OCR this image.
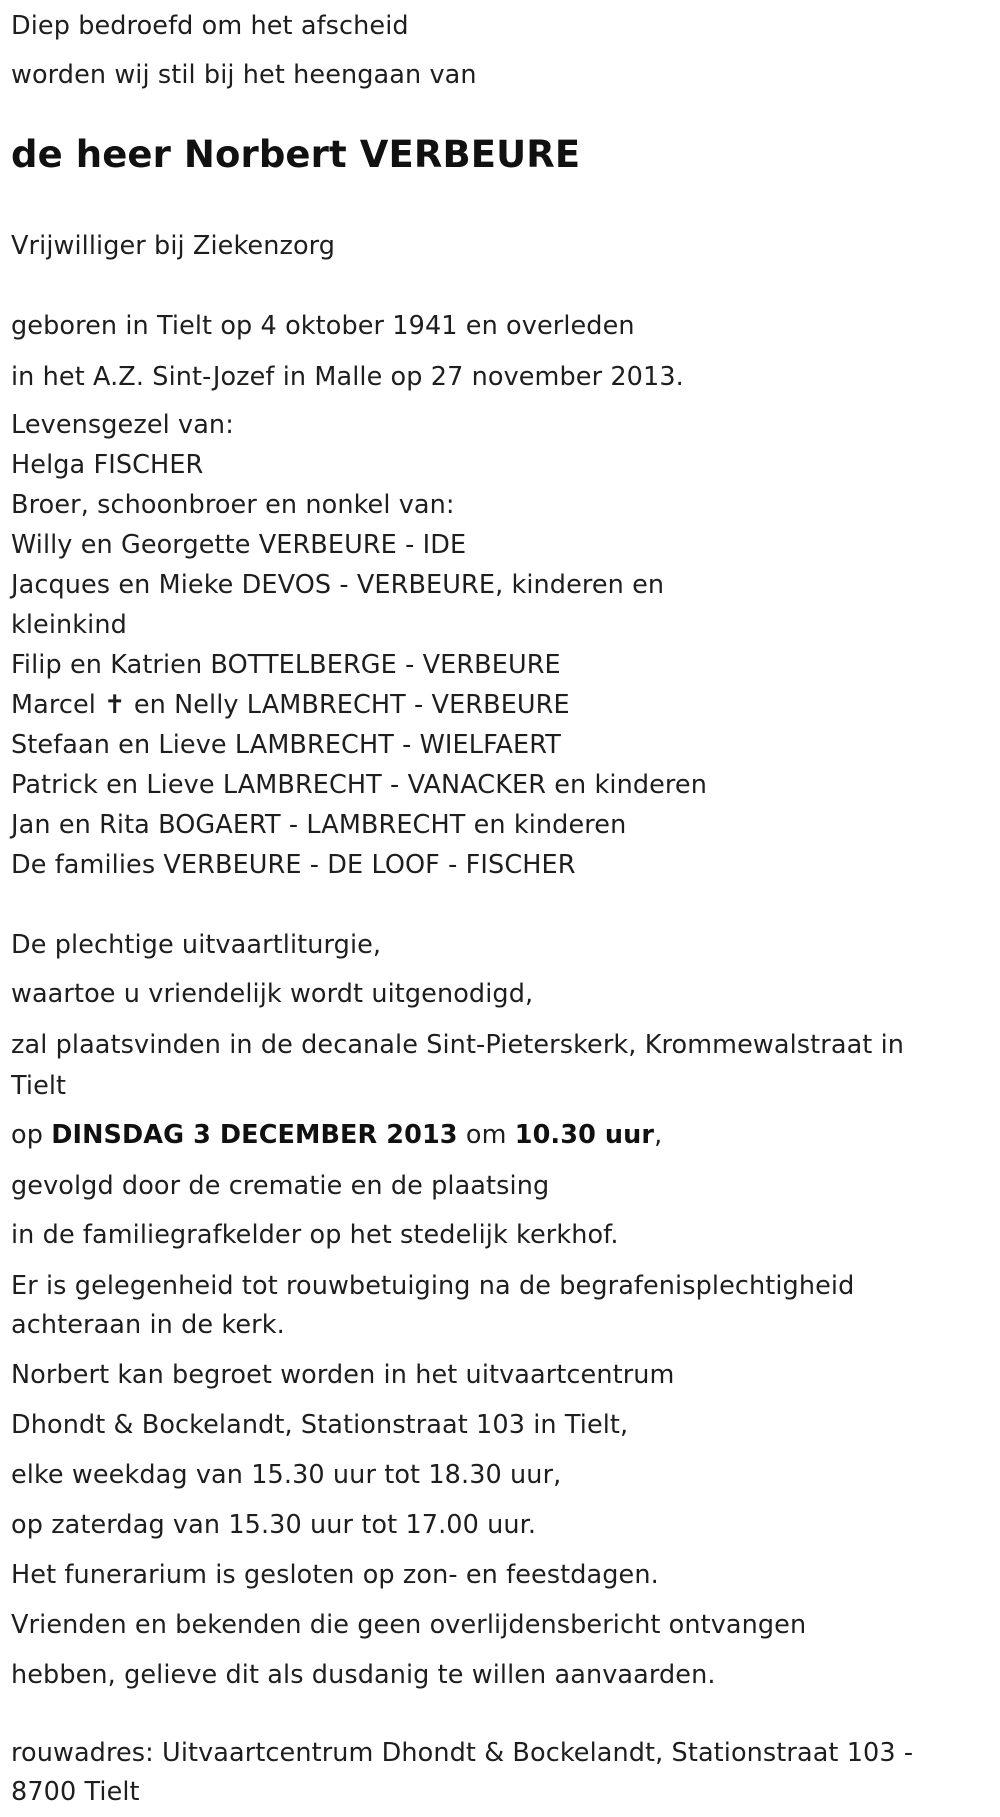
Diep bedroefd om het afscheid
worden wij stil bij het heengaan van
de heer Norbert VERBEURE
Vrijwilliger bij Ziekenzorg
geboren in Tielt op 4 oktober 1941 en overleden
in het A.Z. Sint-Jozef in Malle op 27 november 2013.
Levensgezel van:
Helga FISCHER
Broer, schoonbroer en nonkel van:
Willy en Georgette VERBEURE - IDE
Jacques en Mieke DEVOS - VERBEURE, kinderen en
kleinkind
Filip en Katrien BOTTELBERGE - VERBEURE
Marcel ✝ en Nelly LAMBRECHT - VERBEURE
Stefaan en Lieve LAMBRECHT - WIELFAERT
Patrick en Lieve LAMBRECHT - VANACKER en kinderen
Jan en Rita BOGAERT - LAMBRECHT en kinderen
De families VERBEURE - DE LOOF - FISCHER
De plechtige uitvaartliturgie,
waartoe u vriendelijk wordt uitgenodigd,
zal plaatsvinden in de decanale Sint-Pieterskerk, Krommewalstraat in
Tielt
op DINSDAG 3 DECEMBER 2013 om 10.30 uur,
gevolgd door de crematie en de plaatsing
in de familiegrafkelder op het stedelijk kerkhof.
Er is gelegenheid tot rouwbetuiging na de begrafenisplechtigheid
achteraan in de kerk.
Norbert kan begroet worden in het uitvaartcentrum
Dhondt & Bockelandt, Stationstraat 103 in Tielt,
elke weekdag van 15.30 uur tot 18.30 uur,
op zaterdag van 15.30 uur tot 17.00 uur.
Het funerarium is gesloten op zon- en feestdagen.
Vrienden en bekenden die geen overlijdensbericht ontvangen
hebben, gelieve dit als dusdanig te willen aanvaarden.
rouwadres: Uitvaartcentrum Dhondt & Bockelandt, Stationstraat 103 -
8700 Tielt
